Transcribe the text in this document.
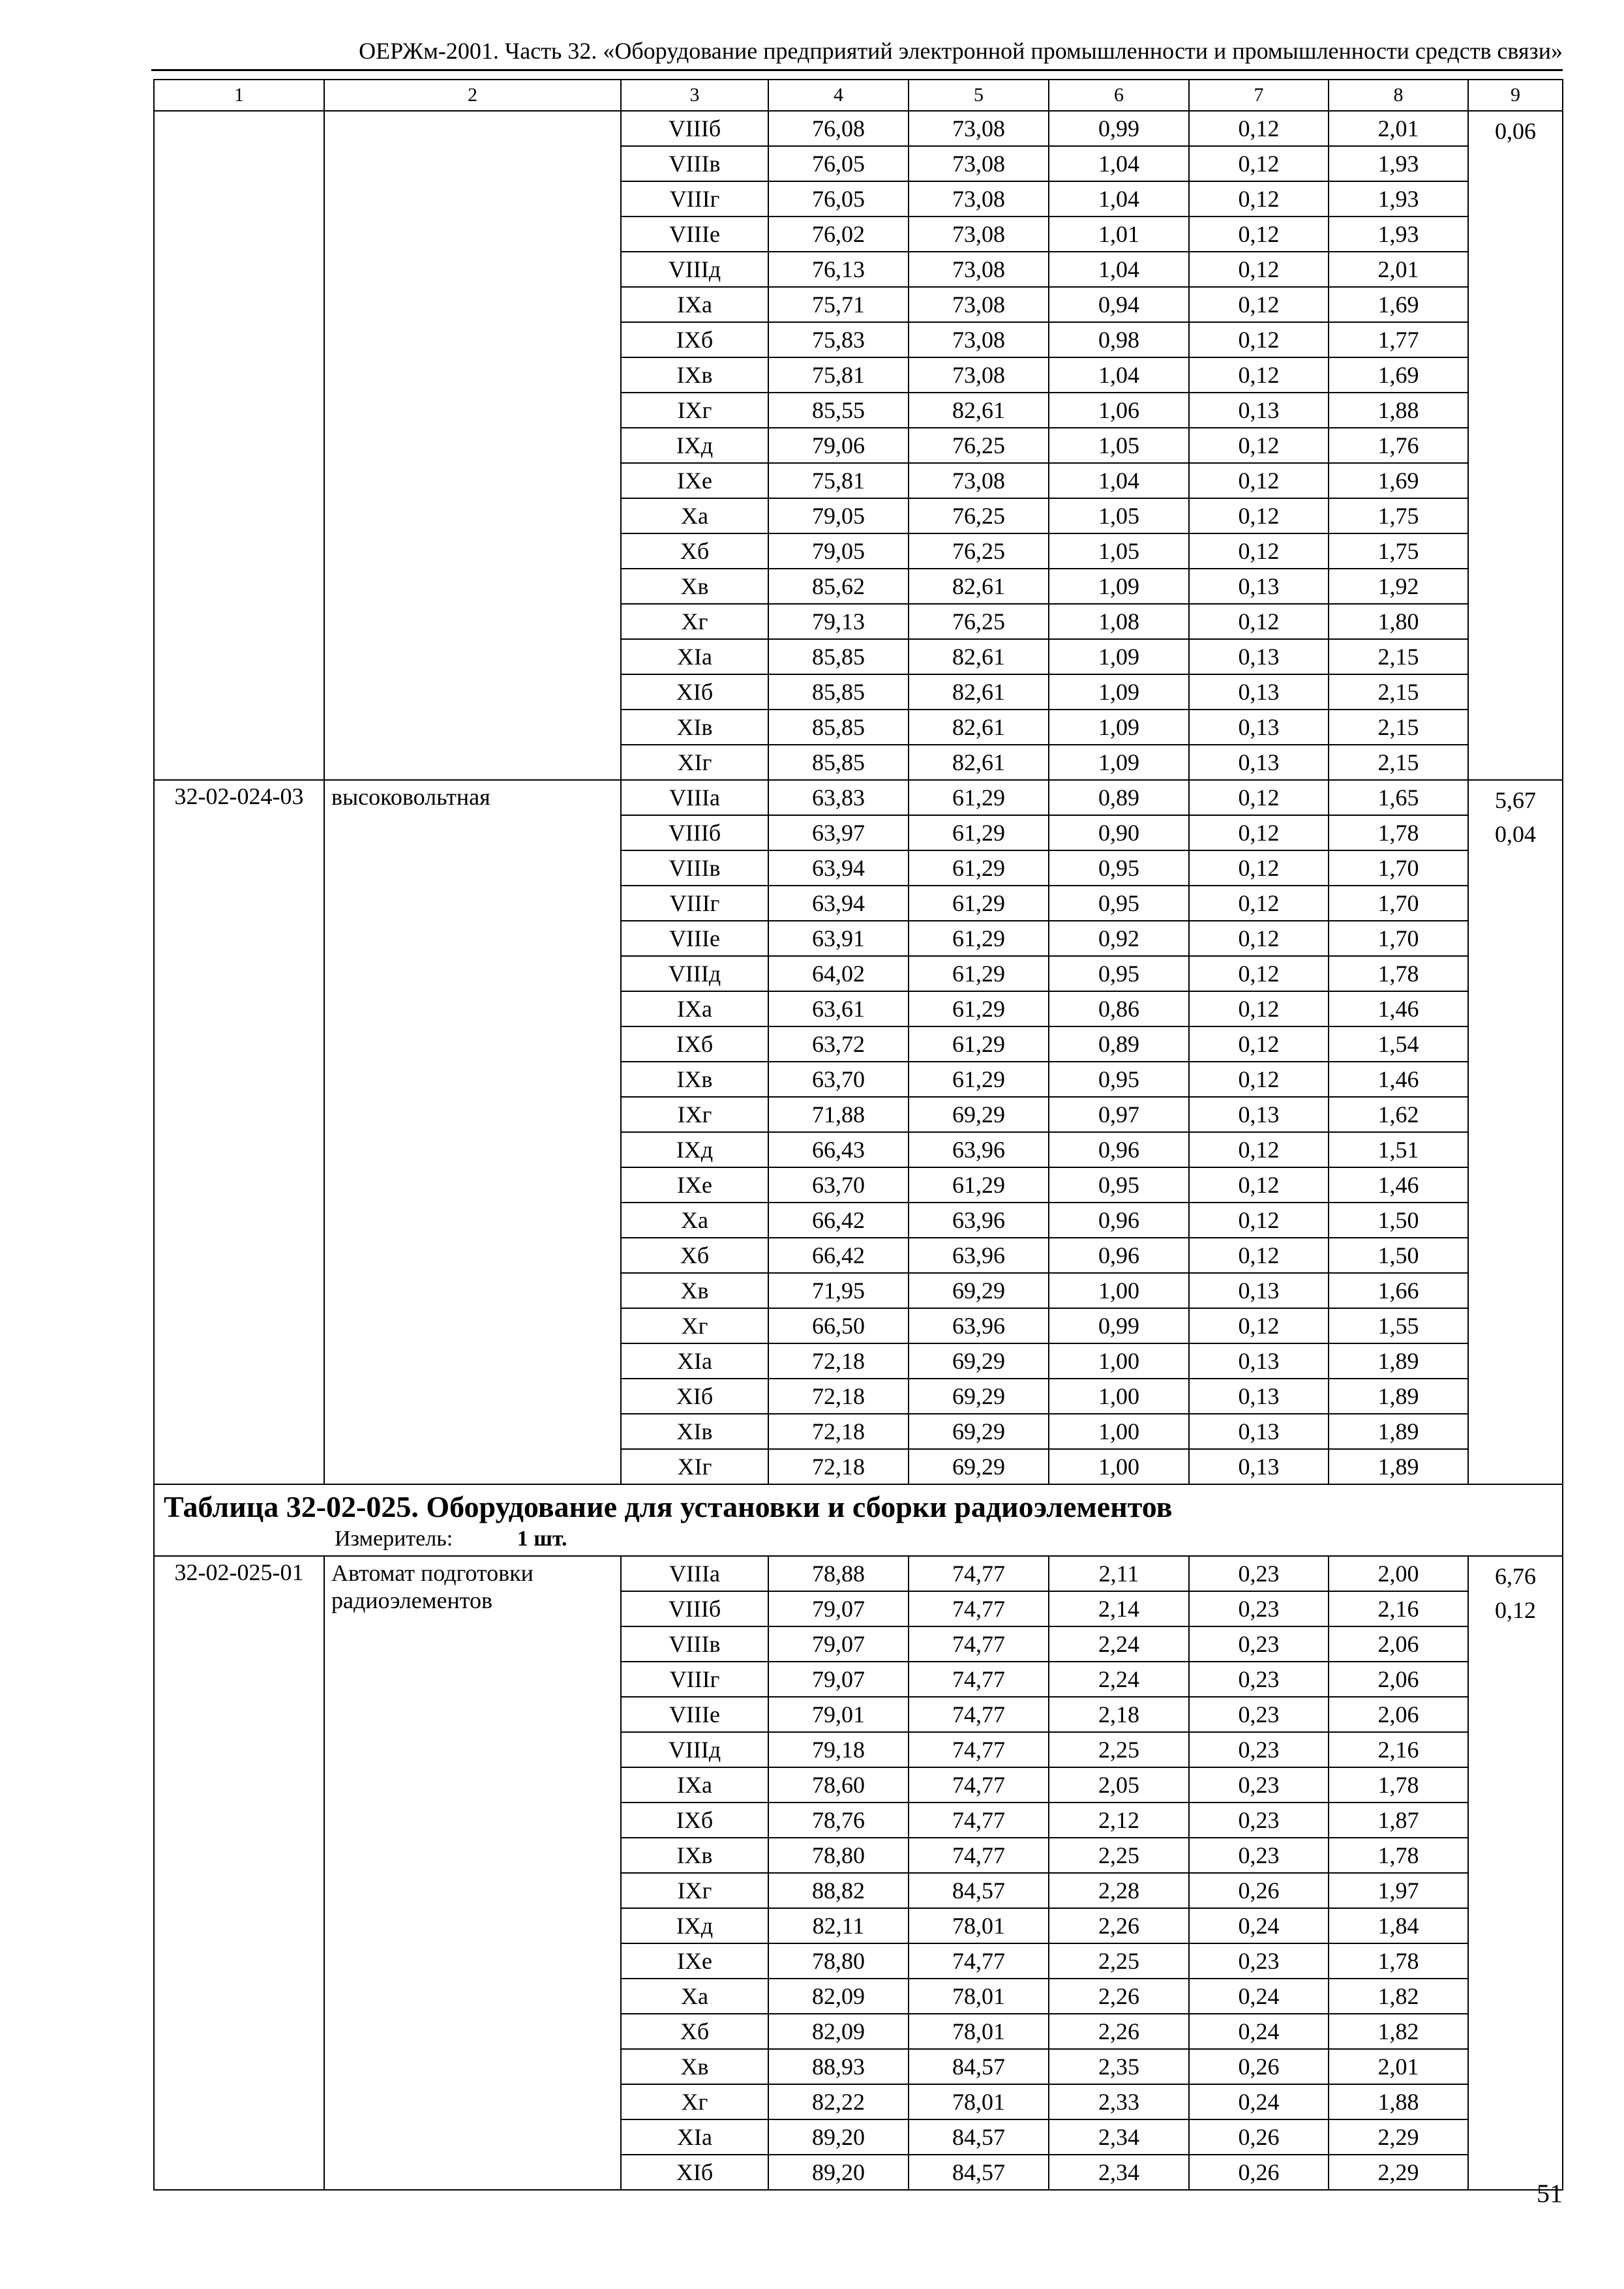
ОЕРЖм-2001. Часть 32. «Оборудование предприятий электронной промышленности и промышленности средств связи»
1	2	3	4	5	6	7	8	9
		VIIIб	76,08	73,08	0,99	0,12	2,01	0,06

		VIIIв	76,05	73,08	1,04	0,12	1,93	
		VIIIг	76,05	73,08	1,04	0,12	1,93	
		VIIIе	76,02	73,08	1,01	0,12	1,93	
		VIIIд	76,13	73,08	1,04	0,12	2,01	
		IXа	75,71	73,08	0,94	0,12	1,69	
		IXб	75,83	73,08	0,98	0,12	1,77	
		IXв	75,81	73,08	1,04	0,12	1,69	
		IXг	85,55	82,61	1,06	0,13	1,88	
		IXд	79,06	76,25	1,05	0,12	1,76	
		IXе	75,81	73,08	1,04	0,12	1,69	
		Xа	79,05	76,25	1,05	0,12	1,75	
		Xб	79,05	76,25	1,05	0,12	1,75	
		Xв	85,62	82,61	1,09	0,13	1,92	
		Xг	79,13	76,25	1,08	0,12	1,80	
		XIа	85,85	82,61	1,09	0,13	2,15	
		XIб	85,85	82,61	1,09	0,13	2,15	
		XIв	85,85	82,61	1,09	0,13	2,15	
		XIг	85,85	82,61	1,09	0,13	2,15	
32-02-024-03	высоковольтная	VIIIа	63,83	61,29	0,89	0,12	1,65	5,67
0,04

		VIIIб	63,97	61,29	0,90	0,12	1,78	
		VIIIв	63,94	61,29	0,95	0,12	1,70	
		VIIIг	63,94	61,29	0,95	0,12	1,70	
		VIIIе	63,91	61,29	0,92	0,12	1,70	
		VIIIд	64,02	61,29	0,95	0,12	1,78	
		IXа	63,61	61,29	0,86	0,12	1,46	
		IXб	63,72	61,29	0,89	0,12	1,54	
		IXв	63,70	61,29	0,95	0,12	1,46	
		IXг	71,88	69,29	0,97	0,13	1,62	
		IXд	66,43	63,96	0,96	0,12	1,51	
		IXе	63,70	61,29	0,95	0,12	1,46	
		Xа	66,42	63,96	0,96	0,12	1,50	
		Xб	66,42	63,96	0,96	0,12	1,50	
		Xв	71,95	69,29	1,00	0,13	1,66	
		Xг	66,50	63,96	0,99	0,12	1,55	
		XIа	72,18	69,29	1,00	0,13	1,89	
		XIб	72,18	69,29	1,00	0,13	1,89	
		XIв	72,18	69,29	1,00	0,13	1,89	
		XIг	72,18	69,29	1,00	0,13	1,89	

Таблица 32-02-025. Оборудование для установки и сборки радиоэлементов
Измеритель: 1 шт.								

32-02-025-01	Автомат подготовки радиоэлементов	VIIIа	78,88	74,77	2,11	0,23	2,00	6,76
0,12

		VIIIб	79,07	74,77	2,14	0,23	2,16	
		VIIIв	79,07	74,77	2,24	0,23	2,06	
		VIIIг	79,07	74,77	2,24	0,23	2,06	
		VIIIе	79,01	74,77	2,18	0,23	2,06	
		VIIIд	79,18	74,77	2,25	0,23	2,16	
		IXа	78,60	74,77	2,05	0,23	1,78	
		IXб	78,76	74,77	2,12	0,23	1,87	
		IXв	78,80	74,77	2,25	0,23	1,78	
		IXг	88,82	84,57	2,28	0,26	1,97	
		IXд	82,11	78,01	2,26	0,24	1,84	
		IXе	78,80	74,77	2,25	0,23	1,78	
		Xа	82,09	78,01	2,26	0,24	1,82	
		Xб	82,09	78,01	2,26	0,24	1,82	
		Xв	88,93	84,57	2,35	0,26	2,01	
		Xг	82,22	78,01	2,33	0,24	1,88	
		XIа	89,20	84,57	2,34	0,26	2,29	
		XIб	89,20	84,57	2,34	0,26	2,29	
51
